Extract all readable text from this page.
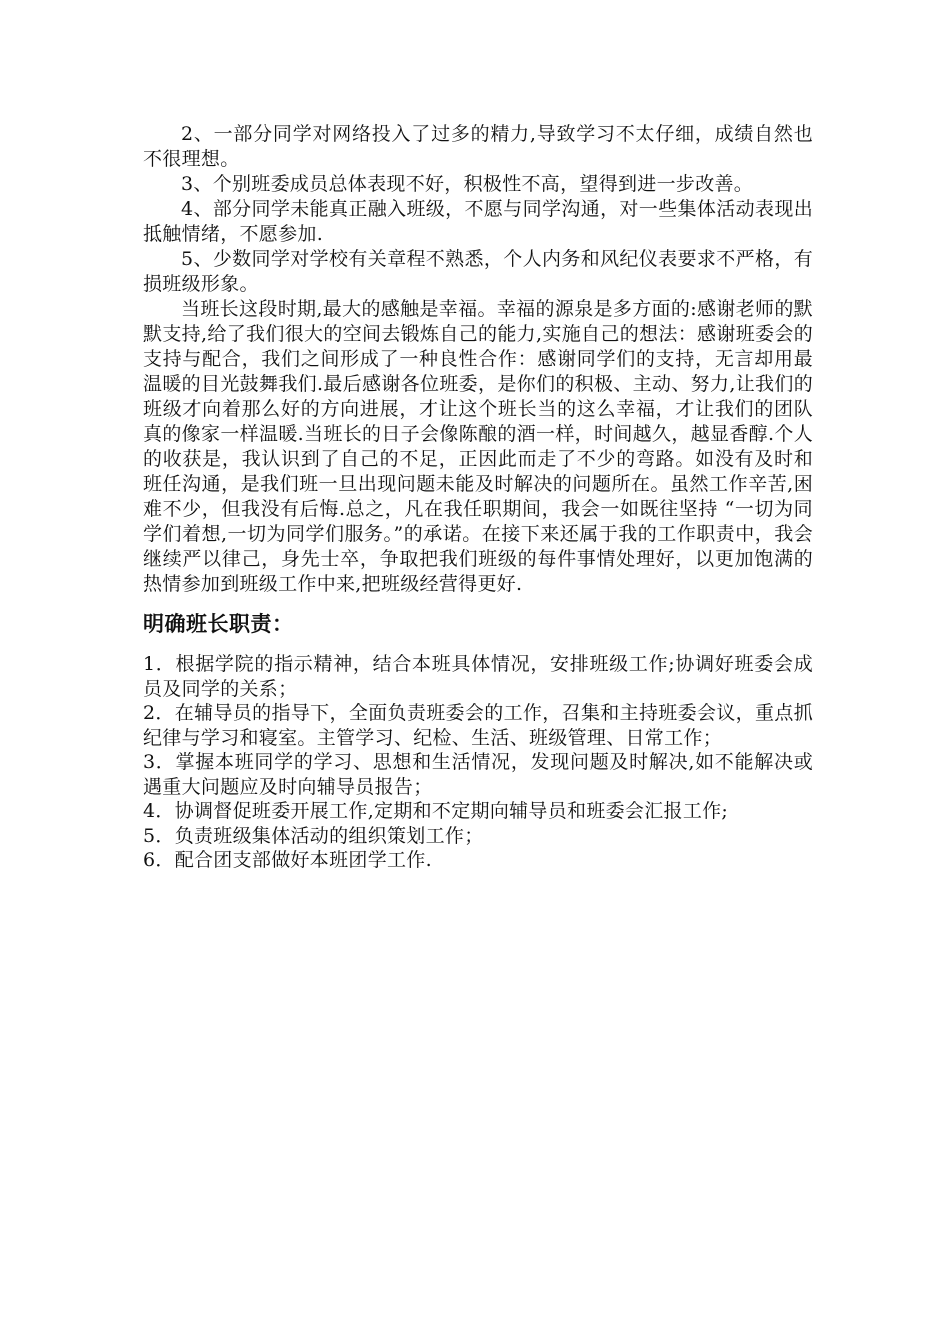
2、一部分同学对网络投入了过多的精力,导致学习不太仔细，成绩自然也不很理想。

3、个别班委成员总体表现不好，积极性不高，望得到进一步改善。

4、部分同学未能真正融入班级，不愿与同学沟通，对一些集体活动表现出抵触情绪，不愿参加.

5、少数同学对学校有关章程不熟悉，个人内务和风纪仪表要求不严格，有损班级形象。

当班长这段时期,最大的感触是幸福。幸福的源泉是多方面的:感谢老师的默默支持,给了我们很大的空间去锻炼自己的能力,实施自己的想法：感谢班委会的支持与配合，我们之间形成了一种良性合作：感谢同学们的支持，无言却用最温暖的目光鼓舞我们.最后感谢各位班委，是你们的积极、主动、努力,让我们的班级才向着那么好的方向进展，才让这个班长当的这么幸福，才让我们的团队真的像家一样温暖.当班长的日子会像陈酿的酒一样，时间越久，越显香醇.个人的收获是，我认识到了自己的不足，正因此而走了不少的弯路。如没有及时和班任沟通，是我们班一旦出现问题未能及时解决的问题所在。虽然工作辛苦,困难不少，但我没有后悔.总之，凡在我任职期间，我会一如既往坚持 “一切为同学们着想,一切为同学们服务。”的承诺。在接下来还属于我的工作职责中，我会继续严以律己，身先士卒，争取把我们班级的每件事情处理好，以更加饱满的热情参加到班级工作中来,把班级经营得更好.

明确班长职责：

1．根据学院的指示精神，结合本班具体情况，安排班级工作;协调好班委会成员及同学的关系；

2．在辅导员的指导下，全面负责班委会的工作，召集和主持班委会议，重点抓纪律与学习和寝室。主管学习、纪检、生活、班级管理、日常工作；

3．掌握本班同学的学习、思想和生活情况，发现问题及时解决,如不能解决或遇重大问题应及时向辅导员报告；

4．协调督促班委开展工作,定期和不定期向辅导员和班委会汇报工作;

5．负责班级集体活动的组织策划工作；

6．配合团支部做好本班团学工作.
